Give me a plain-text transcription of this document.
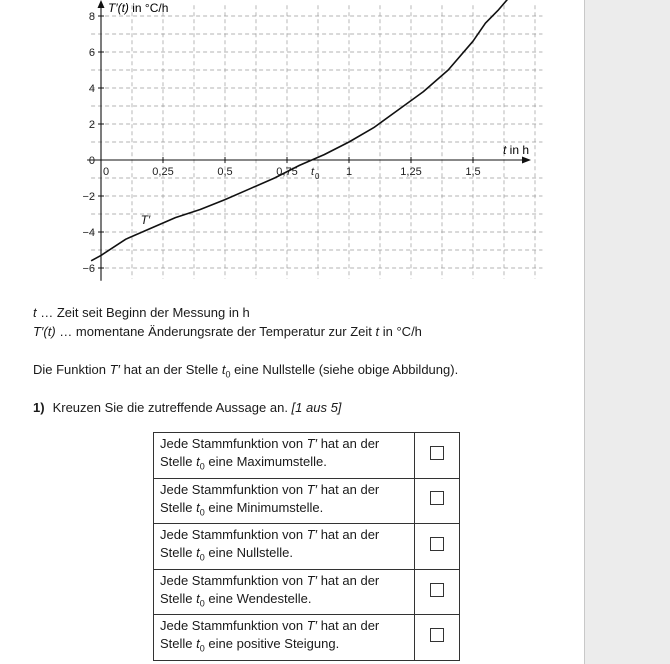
−6
−4
−2
0
2
4
6
8
0	0,25	0,5	0,75	1	1,25	1,5
t 0
T′
T′(t) in °C/h
t in h
t … Zeit seit Beginn der Messung in h
T′(t) … momentane Änderungsrate der Temperatur zur Zeit t in °C/h
Die Funktion T′ hat an der Stelle $t_0$ eine Nullstelle (siehe obige Abbildung).
1) Kreuzen Sie die zutreffende Aussage an. [1 aus 5]
Jede Stammfunktion von T′ hat an der
Stelle $t_0$ eine Maximumstelle.	
Jede Stammfunktion von T′ hat an der
Stelle $t_0$ eine Minimumstelle.	
Jede Stammfunktion von T′ hat an der
Stelle $t_0$ eine Nullstelle.	
Jede Stammfunktion von T′ hat an der
Stelle $t_0$ eine Wendestelle.	
Jede Stammfunktion von T′ hat an der
Stelle $t_0$ eine positive Steigung.	
